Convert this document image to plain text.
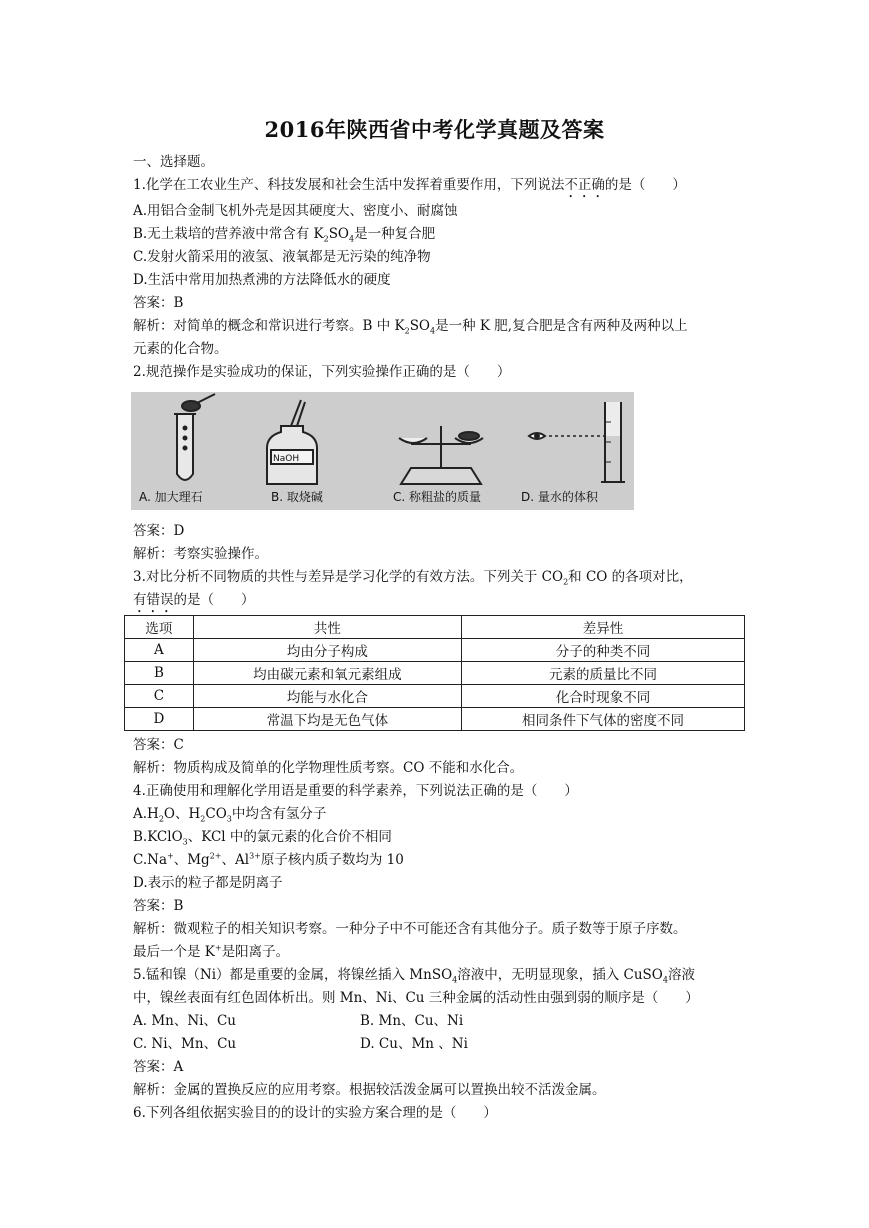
2016年陕西省中考化学真题及答案
一、选择题。
1.化学在工农业生产、科技发展和社会生活中发挥着重要作用，下列说法不正确的是（　　）
A.用铝合金制飞机外壳是因其硬度大、密度小、耐腐蚀
B.无土栽培的营养液中常含有 $K_2SO_4$是一种复合肥
C.发射火箭采用的液氢、液氧都是无污染的纯净物
D.生活中常用加热煮沸的方法降低水的硬度
答案：B
解析：对简单的概念和常识进行考察。B 中 $K_2SO_4$是一种 K 肥,复合肥是含有两种及两种以上
元素的化合物。
2.规范操作是实验成功的保证，下列实验操作正确的是（　　）
NaOH
A. 加大理石	B. 取烧碱	C. 称粗盐的质量	D. 量水的体积
答案：D
解析：考察实验操作。
3.对比分析不同物质的共性与差异是学习化学的有效方法。下列关于 $CO_2$和 CO 的各项对比，
有错误的是（　　）
选项	共性	差异性
A	均由分子构成	分子的种类不同
B	均由碳元素和氧元素组成	元素的质量比不同
C	均能与水化合	化合时现象不同
D	常温下均是无色气体	相同条件下气体的密度不同
答案：C
解析：物质构成及简单的化学物理性质考察。CO 不能和水化合。
4.正确使用和理解化学用语是重要的科学素养，下列说法正确的是（　　）
$A.H_2O$、$H_2CO_3$中均含有氢分子
B.KClO$_3$、KCl 中的氯元素的化合价不相同
C.Na+、$Mg^{2+}$、$Al^{3+}$原子核内质子数均为 10
D.表示的粒子都是阴离子
答案：B
解析：微观粒子的相关知识考察。一种分子中不可能还含有其他分子。质子数等于原子序数。
最后一个是 K+是阳离子。
5.锰和镍（Ni）都是重要的金属，将镍丝插入 MnSO$_4$溶液中，无明显现象，插入 CuSO$_4$溶液
中，镍丝表面有红色固体析出。则 Mn、Ni、Cu 三种金属的活动性由强到弱的顺序是（　　）
A. Mn、Ni、Cu	B. Mn、Cu、Ni
C. Ni、Mn、Cu	D. Cu、Mn 、Ni
答案：A
解析：金属的置换反应的应用考察。根据较活泼金属可以置换出较不活泼金属。
6.下列各组依据实验目的的设计的实验方案合理的是（　　）
